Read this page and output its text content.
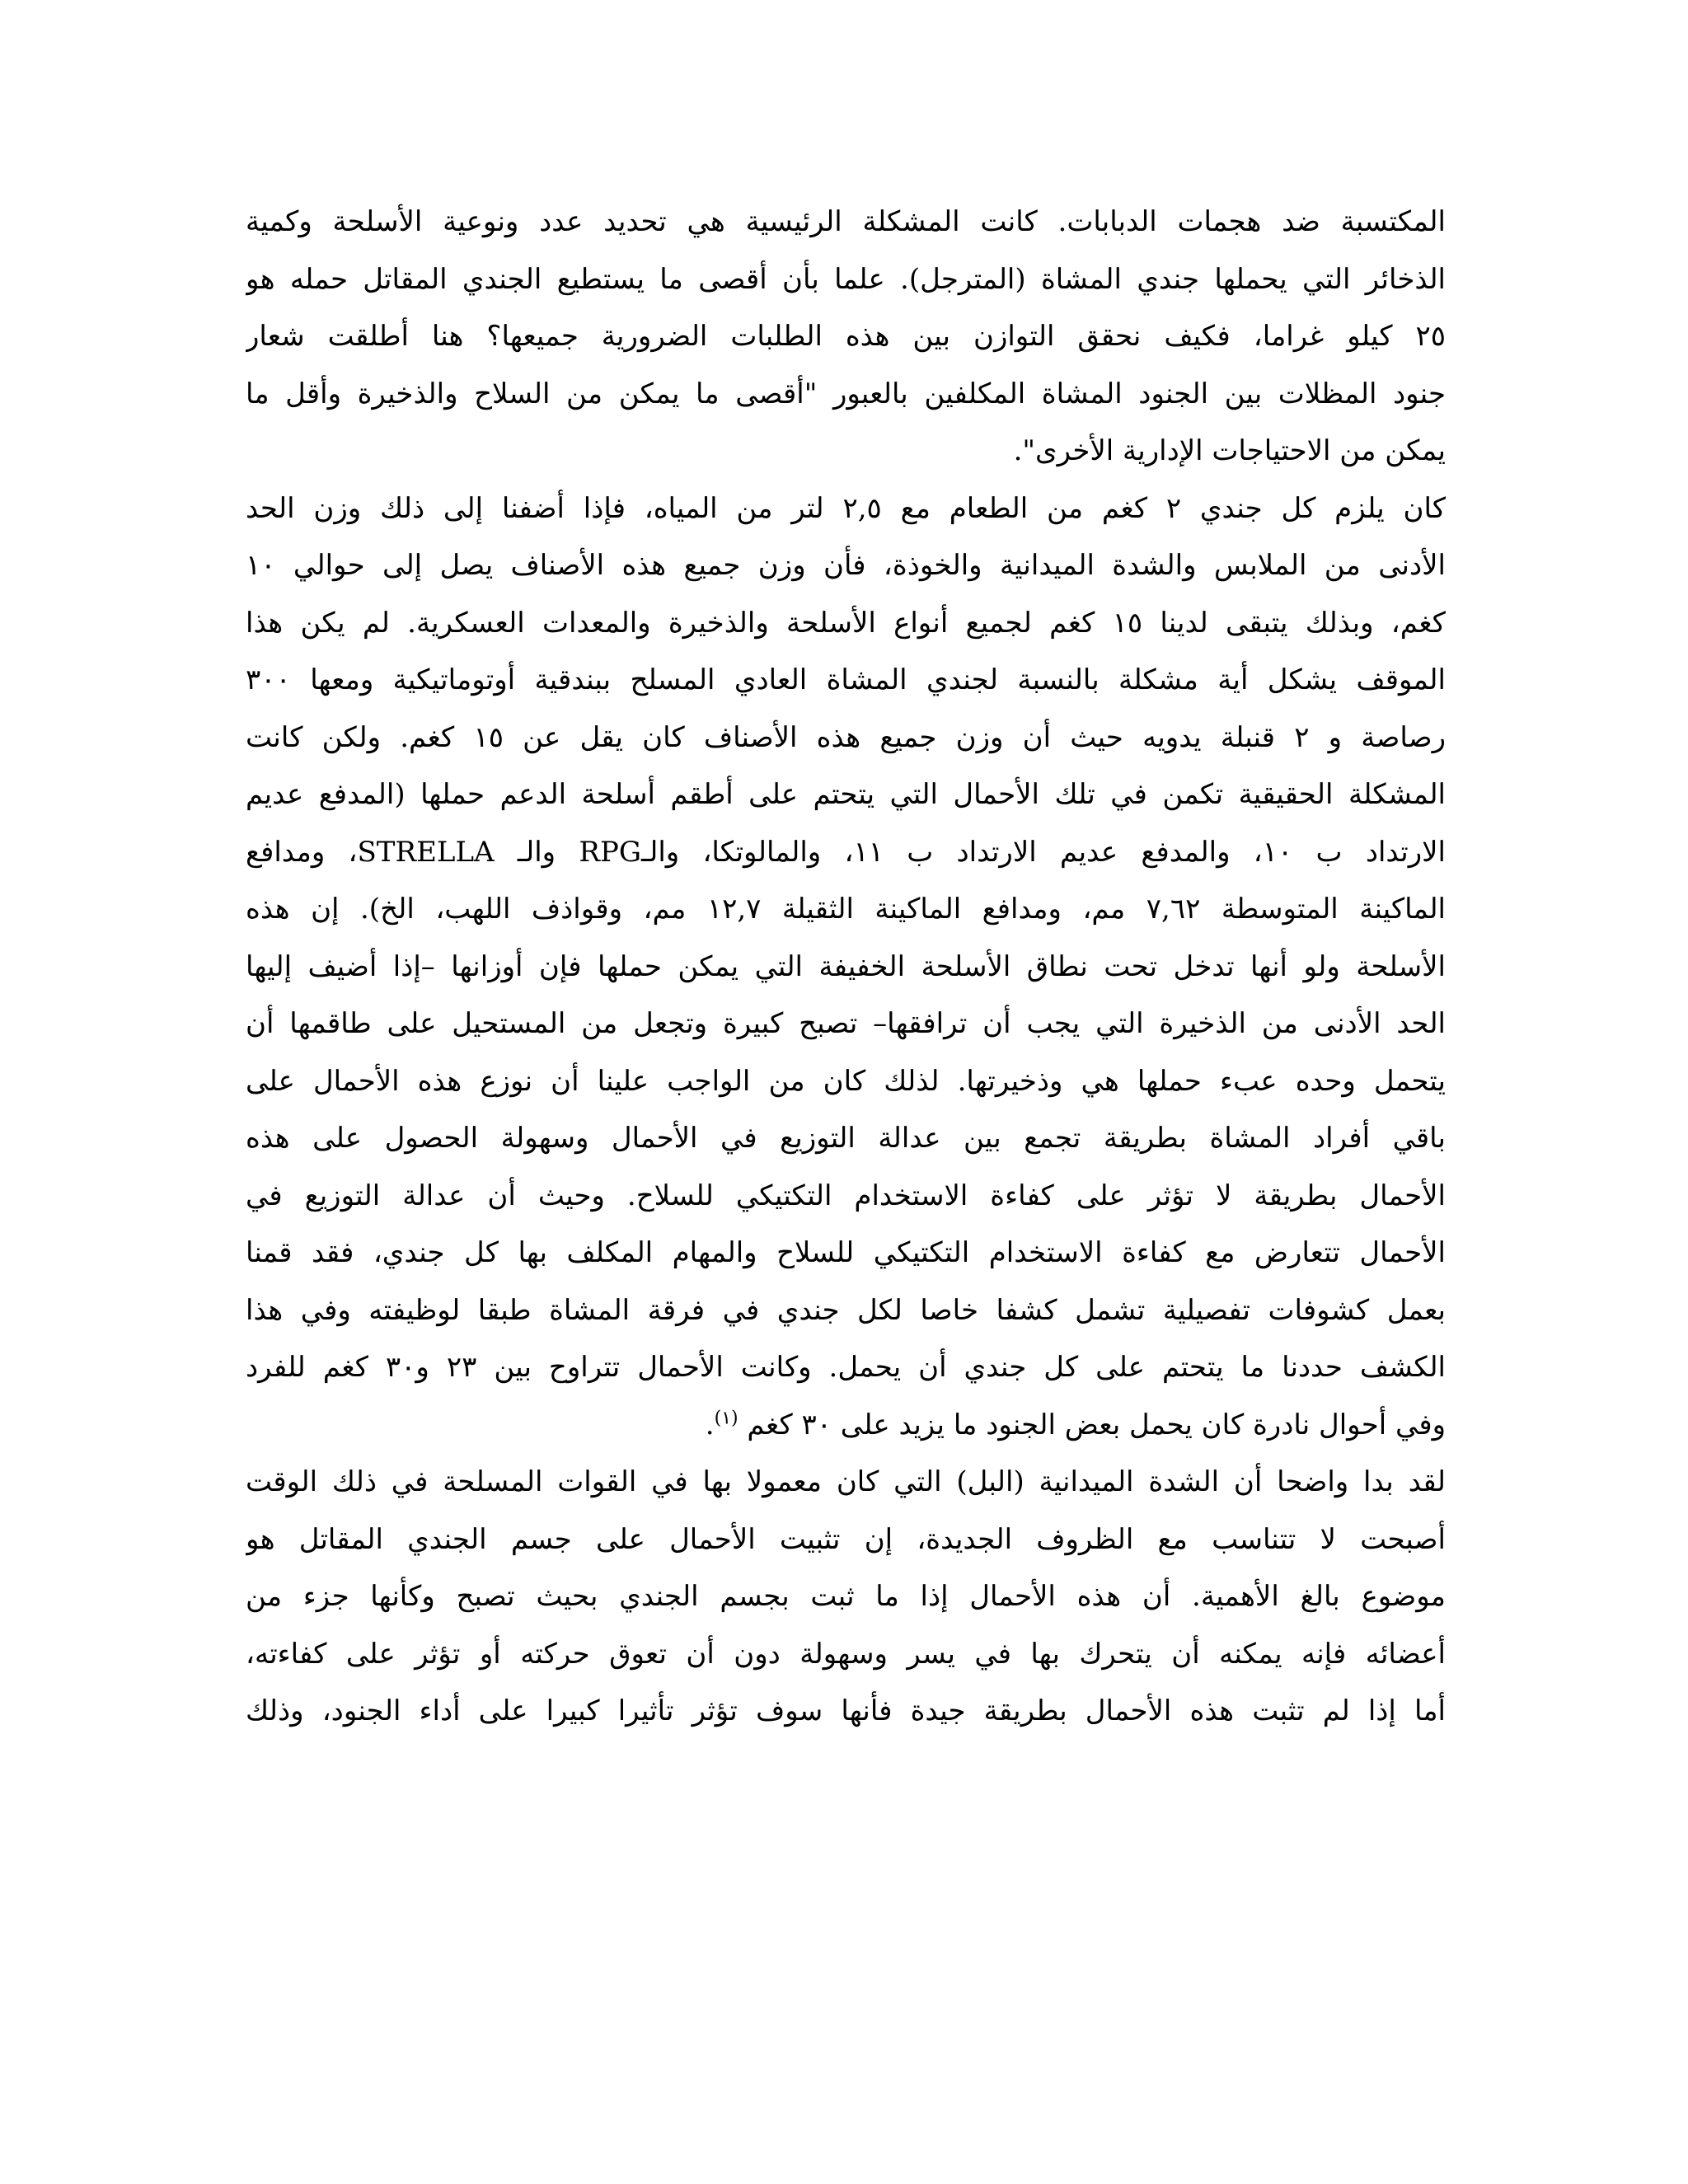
المكتسبة ضد هجمات الدبابات. كانت المشكلة الرئيسية هي تحديد عدد ونوعية الأسلحة وكمية
الذخائر التي يحملها جندي المشاة (المترجل). علما بأن أقصى ما يستطيع الجندي المقاتل حمله هو
٢٥ كيلو غراما، فكيف نحقق التوازن بين هذه الطلبات الضرورية جميعها؟ هنا أطلقت شعار
جنود المظلات بين الجنود المشاة المكلفين بالعبور "أقصى ما يمكن من السلاح والذخيرة وأقل ما
يمكن من الاحتياجات الإدارية الأخرى".
كان يلزم كل جندي ٢ كغم من الطعام مع ٢,٥ لتر من المياه، فإذا أضفنا إلى ذلك وزن الحد
الأدنى من الملابس والشدة الميدانية والخوذة، فأن وزن جميع هذه الأصناف يصل إلى حوالي ١٠
كغم، وبذلك يتبقى لدينا ١٥ كغم لجميع أنواع الأسلحة والذخيرة والمعدات العسكرية. لم يكن هذا
الموقف يشكل أية مشكلة بالنسبة لجندي المشاة العادي المسلح ببندقية أوتوماتيكية ومعها ٣٠٠
رصاصة و ٢ قنبلة يدويه حيث أن وزن جميع هذه الأصناف كان يقل عن ١٥ كغم. ولكن كانت
المشكلة الحقيقية تكمن في تلك الأحمال التي يتحتم على أطقم أسلحة الدعم حملها (المدفع عديم
الارتداد ب ١٠، والمدفع عديم الارتداد ب ١١، والمالوتكا، والـRPG والـ STRELLA، ومدافع
الماكينة المتوسطة ٧,٦٢ مم، ومدافع الماكينة الثقيلة ١٢,٧ مم، وقواذف اللهب، الخ). إن هذه
الأسلحة ولو أنها تدخل تحت نطاق الأسلحة الخفيفة التي يمكن حملها فإن أوزانها –إذا أضيف إليها
الحد الأدنى من الذخيرة التي يجب أن ترافقها– تصبح كبيرة وتجعل من المستحيل على طاقمها أن
يتحمل وحده عبء حملها هي وذخيرتها. لذلك كان من الواجب علينا أن نوزع هذه الأحمال على
باقي أفراد المشاة بطريقة تجمع بين عدالة التوزيع في الأحمال وسهولة الحصول على هذه
الأحمال بطريقة لا تؤثر على كفاءة الاستخدام التكتيكي للسلاح. وحيث أن عدالة التوزيع في
الأحمال تتعارض مع كفاءة الاستخدام التكتيكي للسلاح والمهام المكلف بها كل جندي، فقد قمنا
بعمل كشوفات تفصيلية تشمل كشفا خاصا لكل جندي في فرقة المشاة طبقا لوظيفته وفي هذا
الكشف حددنا ما يتحتم على كل جندي أن يحمل. وكانت الأحمال تتراوح بين ٢٣ و٣٠ كغم للفرد
وفي أحوال نادرة كان يحمل بعض الجنود ما يزيد على ٣٠ كغم $^{(١)}$.
لقد بدا واضحا أن الشدة الميدانية (البل) التي كان معمولا بها في القوات المسلحة في ذلك الوقت
أصبحت لا تتناسب مع الظروف الجديدة، إن تثبيت الأحمال على جسم الجندي المقاتل هو
موضوع بالغ الأهمية. أن هذه الأحمال إذا ما ثبت بجسم الجندي بحيث تصبح وكأنها جزء من
أعضائه فإنه يمكنه أن يتحرك بها في يسر وسهولة دون أن تعوق حركته أو تؤثر على كفاءته،
أما إذا لم تثبت هذه الأحمال بطريقة جيدة فأنها سوف تؤثر تأثيرا كبيرا على أداء الجنود، وذلك
